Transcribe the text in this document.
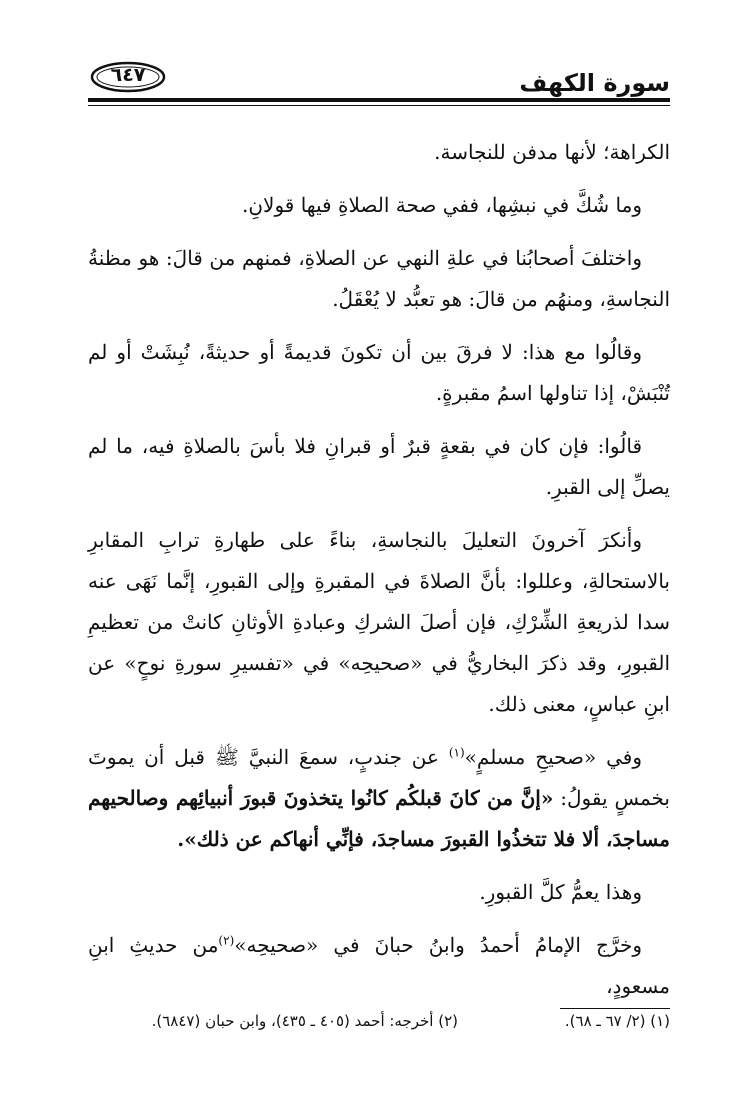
سورة الكهف
٦٤٧

الكراهة؛ لأنها مدفن للنجاسة.

وما شُكَّ في نبشِها، ففي صحة الصلاةِ فيها قولانِ.

واختلفَ أصحابُنا في علةِ النهي عن الصلاةِ، فمنهم من قالَ: هو مظنةُ النجاسةِ، ومنهُم من قالَ: هو تعبُّد لا يُعْقَلُ.

وقالُوا مع هذا: لا فرقَ بين أن تكونَ قديمةً أو حديثةً، نُبِشَتْ أو لم تُنْبَشْ، إذا تناولها اسمُ مقبرةٍ.

قالُوا: فإن كان في بقعةٍ قبرٌ أو قبرانِ فلا بأسَ بالصلاةِ فيه، ما لم يصلِّ إلى القبرِ.

وأنكرَ آخرونَ التعليلَ بالنجاسةِ، بناءً على طهارةِ ترابِ المقابرِ بالاستحالةِ، وعللوا: بأنَّ الصلاةَ في المقبرةِ وإلى القبورِ، إنَّما نَهَى عنه سدا لذريعةِ الشِّرْكِ، فإن أصلَ الشركِ وعبادةِ الأوثانِ كانتْ من تعظيمِ القبورِ، وقد ذكرَ البخاريُّ في «صحيحِه» في «تفسيرِ سورةِ نوحٍ» عن ابنِ عباسٍ، معنى ذلك.

وفي «صحيحِ مسلمٍ»$^{(١)}$ عن جندبٍ، سمعَ النبيَّ ﷺ قبل أن يموتَ بخمسٍ يقولُ: «إنَّ من كانَ قبلكُم كانُوا يتخذونَ قبورَ أنبيائِهم وصالحيهم مساجدَ، ألا فلا تتخذُوا القبورَ مساجدَ، فإنِّي أنهاكم عن ذلك».

وهذا يعمُّ كلَّ القبورِ.

وخرَّج الإمامُ أحمدُ وابنُ حبانَ في «صحيحِه»$^{(٢)}$من حديثِ ابنِ مسعودٍ،

(١) (٢/ ٦٧ ـ ٦٨).
(٢) أخرجه: أحمد (٤٠٥ ـ ٤٣٥)، وابن حبان (٦٨٤٧).
